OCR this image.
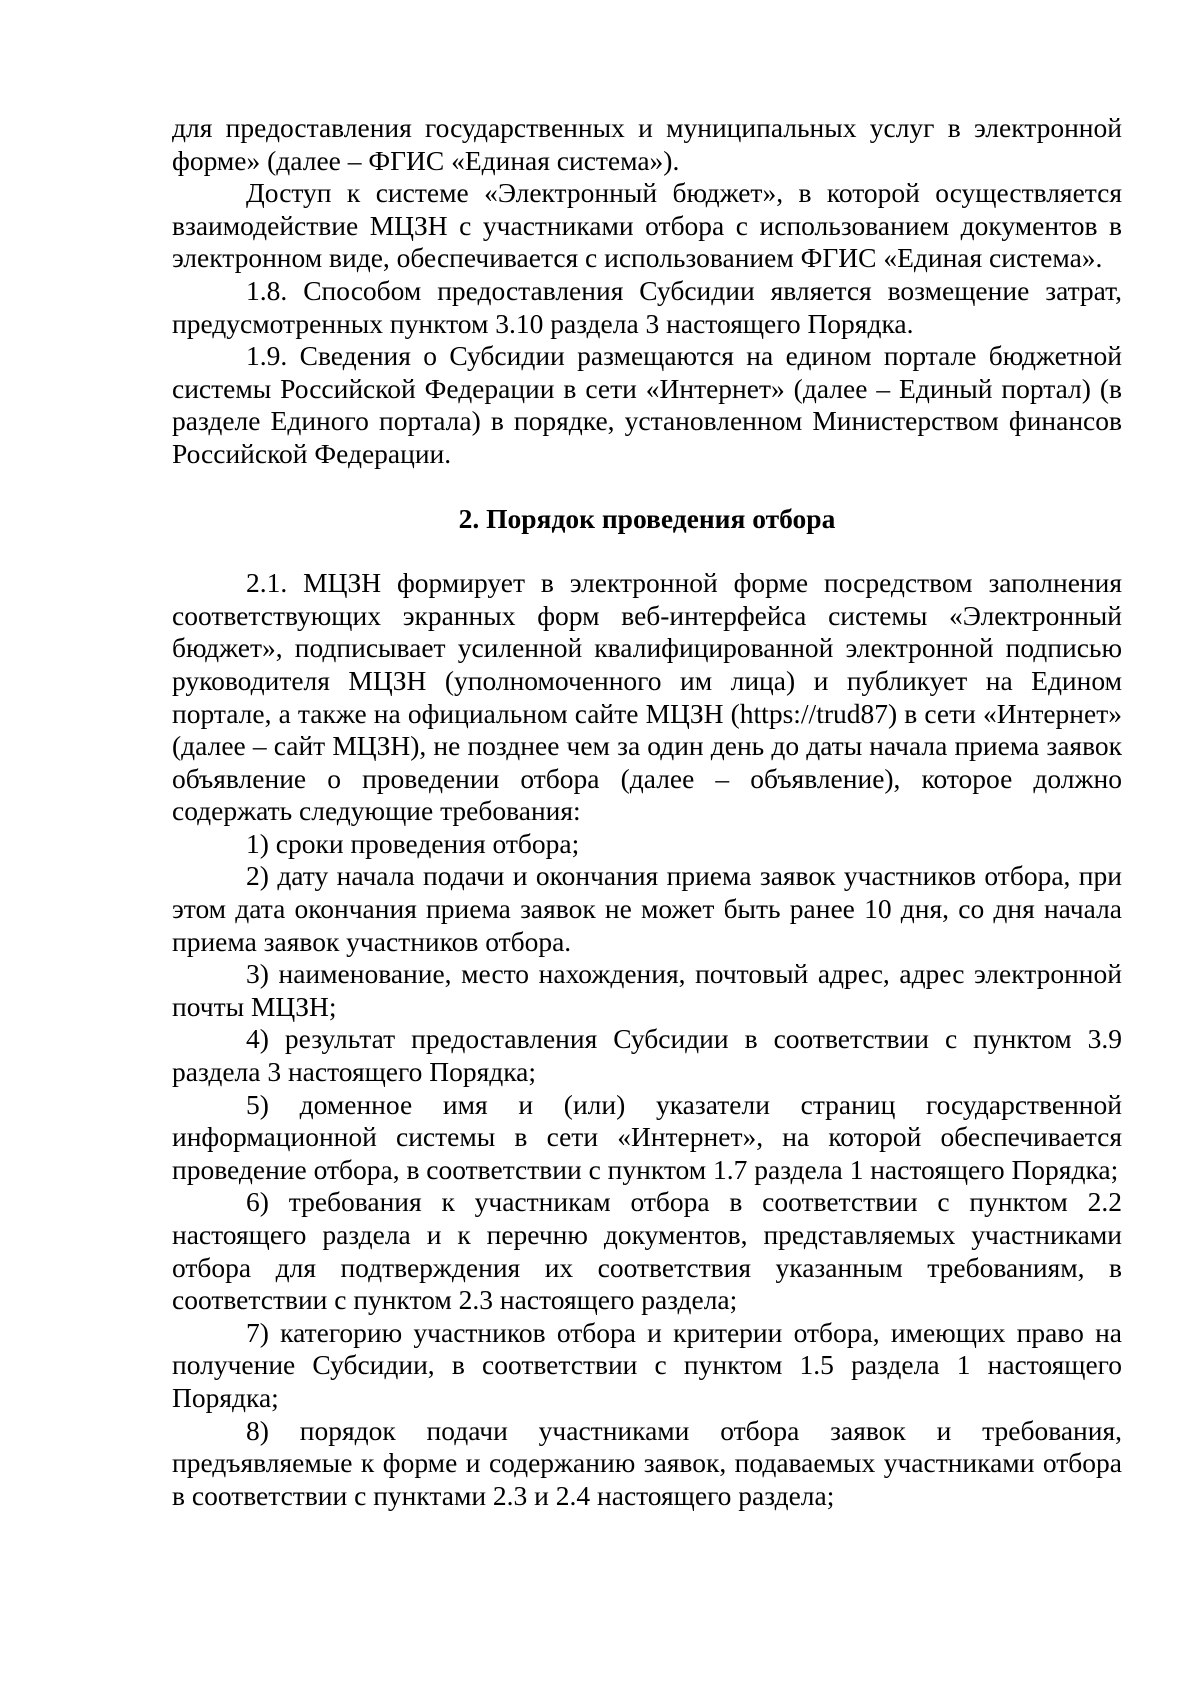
для предоставления государственных и муниципальных услуг в электронной форме» (далее – ФГИС «Единая система»).

Доступ к системе «Электронный бюджет», в которой осуществляется взаимодействие МЦЗН с участниками отбора с использованием документов в электронном виде, обеспечивается с использованием ФГИС «Единая система».

1.8. Способом предоставления Субсидии является возмещение затрат, предусмотренных пунктом 3.10 раздела 3 настоящего Порядка.

1.9. Сведения о Субсидии размещаются на едином портале бюджетной системы Российской Федерации в сети «Интернет» (далее – Единый портал) (в разделе Единого портала) в порядке, установленном Министерством финансов Российской Федерации.

2. Порядок проведения отбора

2.1. МЦЗН формирует в электронной форме посредством заполнения соответствующих экранных форм веб-интерфейса системы «Электронный бюджет», подписывает усиленной квалифицированной электронной подписью руководителя МЦЗН (уполномоченного им лица) и публикует на Едином портале, а также на официальном сайте МЦЗН (https://trud87) в сети «Интернет» (далее – сайт МЦЗН), не позднее чем за один день до даты начала приема заявок объявление о проведении отбора (далее – объявление), которое должно содержать следующие требования:

1) сроки проведения отбора;

2) дату начала подачи и окончания приема заявок участников отбора, при этом дата окончания приема заявок не может быть ранее 10 дня, со дня начала приема заявок участников отбора.

3) наименование, место нахождения, почтовый адрес, адрес электронной почты МЦЗН;

4) результат предоставления Субсидии в соответствии с пунктом 3.9 раздела 3 настоящего Порядка;

5) доменное имя и (или) указатели страниц государственной информационной системы в сети «Интернет», на которой обеспечивается проведение отбора, в соответствии с пунктом 1.7 раздела 1 настоящего Порядка;

6) требования к участникам отбора в соответствии с пунктом 2.2 настоящего раздела и к перечню документов, представляемых участниками отбора для подтверждения их соответствия указанным требованиям, в соответствии с пунктом 2.3 настоящего раздела;

7) категорию участников отбора и критерии отбора, имеющих право на получение Субсидии, в соответствии с пунктом 1.5 раздела 1 настоящего Порядка;

8) порядок подачи участниками отбора заявок и требования, предъявляемые к форме и содержанию заявок, подаваемых участниками отбора в соответствии с пунктами 2.3 и 2.4 настоящего раздела;
